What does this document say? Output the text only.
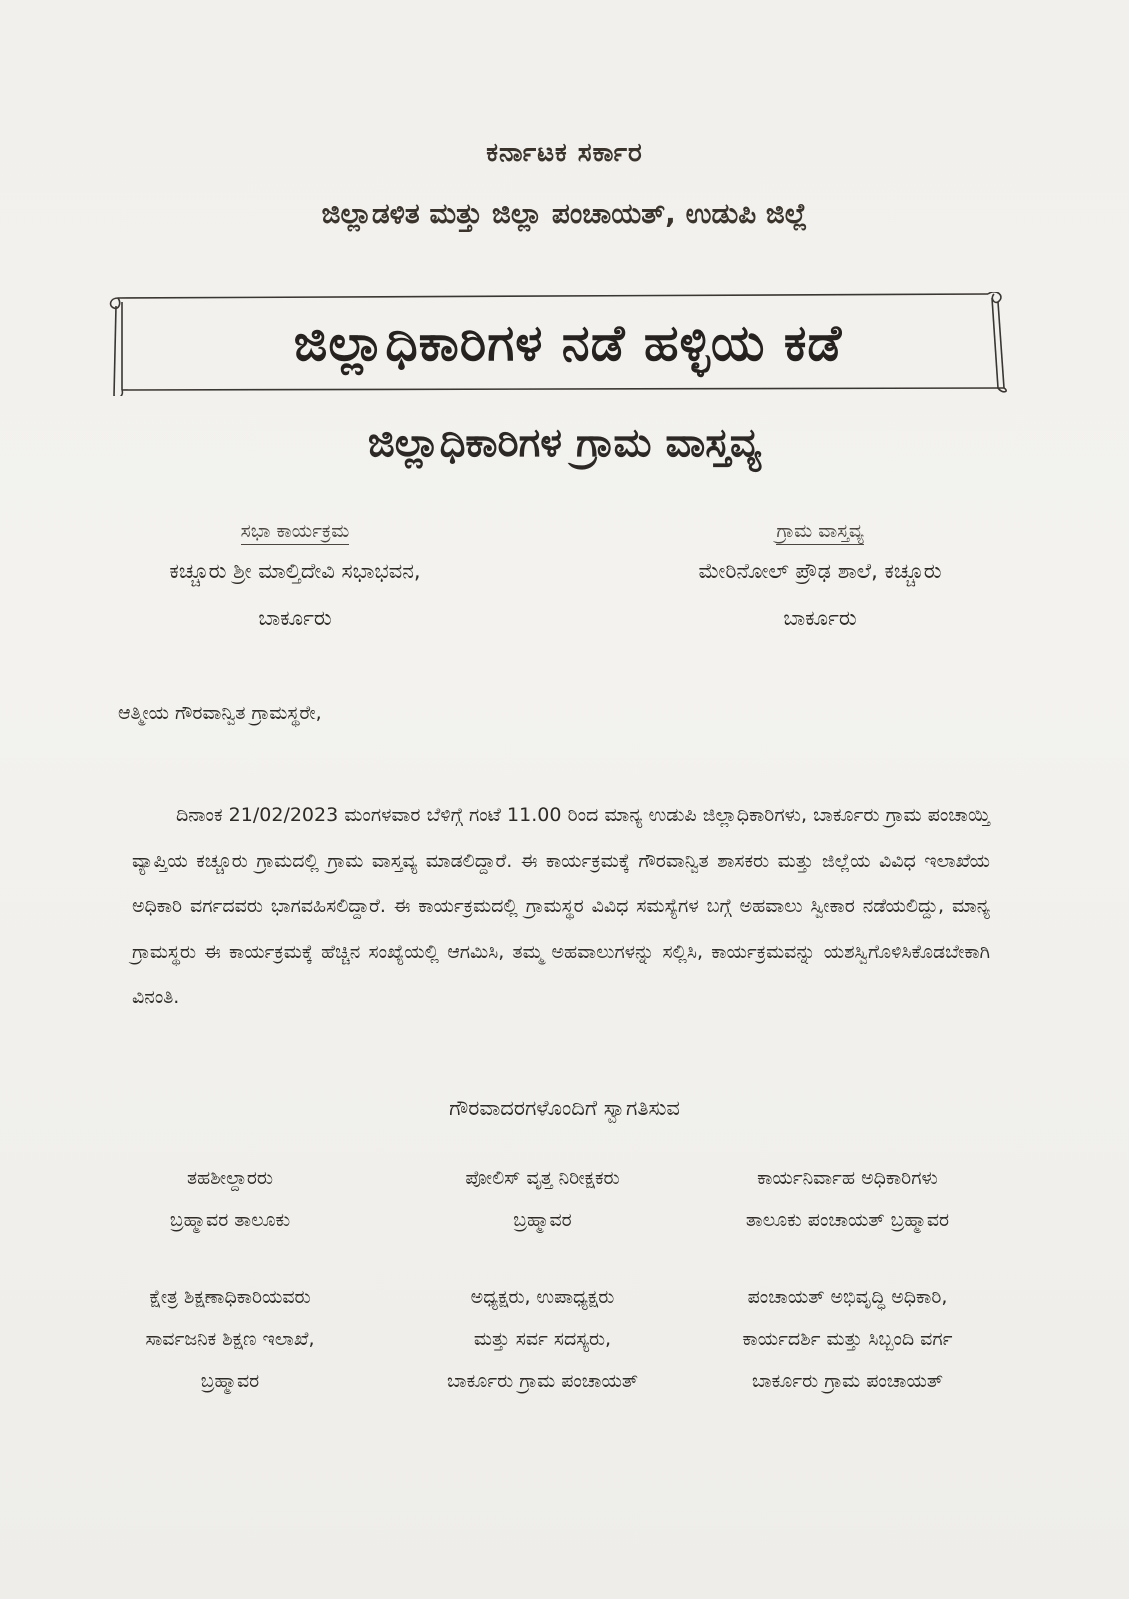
ಕರ್ನಾಟಕ ಸರ್ಕಾರ
ಜಿಲ್ಲಾಡಳಿತ ಮತ್ತು ಜಿಲ್ಲಾ ಪಂಚಾಯತ್, ಉಡುಪಿ ಜಿಲ್ಲೆ
ಜಿಲ್ಲಾಧಿಕಾರಿಗಳ ನಡೆ ಹಳ್ಳಿಯ ಕಡೆ
ಜಿಲ್ಲಾಧಿಕಾರಿಗಳ ಗ್ರಾಮ ವಾಸ್ತವ್ಯ
ಸಭಾ ಕಾರ್ಯಕ್ರಮ
ಕಚ್ಚೂರು ಶ್ರೀ ಮಾಲ್ತಿದೇವಿ ಸಭಾಭವನ,
ಬಾರ್ಕೂರು
ಗ್ರಾಮ ವಾಸ್ತವ್ಯ
ಮೇರಿನೋಲ್ ಪ್ರೌಢ ಶಾಲೆ, ಕಚ್ಚೂರು
ಬಾರ್ಕೂರು
ಆತ್ಮೀಯ ಗೌರವಾನ್ವಿತ ಗ್ರಾಮಸ್ಥರೇ,
ದಿನಾಂಕ 21/02/2023 ಮಂಗಳವಾರ ಬೆಳಿಗ್ಗೆ ಗಂಟೆ 11.00 ರಿಂದ ಮಾನ್ಯ ಉಡುಪಿ ಜಿಲ್ಲಾಧಿಕಾರಿಗಳು, ಬಾರ್ಕೂರು ಗ್ರಾಮ ಪಂಚಾಯ್ತಿ ವ್ಯಾಪ್ತಿಯ ಕಚ್ಚೂರು ಗ್ರಾಮದಲ್ಲಿ ಗ್ರಾಮ ವಾಸ್ತವ್ಯ ಮಾಡಲಿದ್ದಾರೆ. ಈ ಕಾರ್ಯಕ್ರಮಕ್ಕೆ ಗೌರವಾನ್ವಿತ ಶಾಸಕರು ಮತ್ತು ಜಿಲ್ಲೆಯ ವಿವಿಧ ಇಲಾಖೆಯ ಅಧಿಕಾರಿ ವರ್ಗದವರು ಭಾಗವಹಿಸಲಿದ್ದಾರೆ. ಈ ಕಾರ್ಯಕ್ರಮದಲ್ಲಿ ಗ್ರಾಮಸ್ಥರ ವಿವಿಧ ಸಮಸ್ಯೆಗಳ ಬಗ್ಗೆ ಅಹವಾಲು ಸ್ವೀಕಾರ ನಡೆಯಲಿದ್ದು, ಮಾನ್ಯ ಗ್ರಾಮಸ್ಥರು ಈ ಕಾರ್ಯಕ್ರಮಕ್ಕೆ ಹೆಚ್ಚಿನ ಸಂಖ್ಯೆಯಲ್ಲಿ ಆಗಮಿಸಿ, ತಮ್ಮ ಅಹವಾಲುಗಳನ್ನು ಸಲ್ಲಿಸಿ, ಕಾರ್ಯಕ್ರಮವನ್ನು ಯಶಸ್ವಿಗೊಳಿಸಿಕೊಡಬೇಕಾಗಿ ವಿನಂತಿ.
ಗೌರವಾದರಗಳೊಂದಿಗೆ ಸ್ವಾಗತಿಸುವ
ತಹಶೀಲ್ದಾರರು
ಬ್ರಹ್ಮಾವರ ತಾಲೂಕು
ಪೋಲಿಸ್ ವೃತ್ತ ನಿರೀಕ್ಷಕರು
ಬ್ರಹ್ಮಾವರ
ಕಾರ್ಯನಿರ್ವಾಹ ಅಧಿಕಾರಿಗಳು
ತಾಲೂಕು ಪಂಚಾಯತ್ ಬ್ರಹ್ಮಾವರ
ಕ್ಷೇತ್ರ ಶಿಕ್ಷಣಾಧಿಕಾರಿಯವರು
ಸಾರ್ವಜನಿಕ ಶಿಕ್ಷಣ ಇಲಾಖೆ,
ಬ್ರಹ್ಮಾವರ
ಅಧ್ಯಕ್ಷರು, ಉಪಾಧ್ಯಕ್ಷರು
ಮತ್ತು ಸರ್ವ ಸದಸ್ಯರು,
ಬಾರ್ಕೂರು ಗ್ರಾಮ ಪಂಚಾಯತ್
ಪಂಚಾಯತ್ ಅಭಿವೃದ್ಧಿ ಅಧಿಕಾರಿ,
ಕಾರ್ಯದರ್ಶಿ ಮತ್ತು ಸಿಬ್ಬಂದಿ ವರ್ಗ
ಬಾರ್ಕೂರು ಗ್ರಾಮ ಪಂಚಾಯತ್
